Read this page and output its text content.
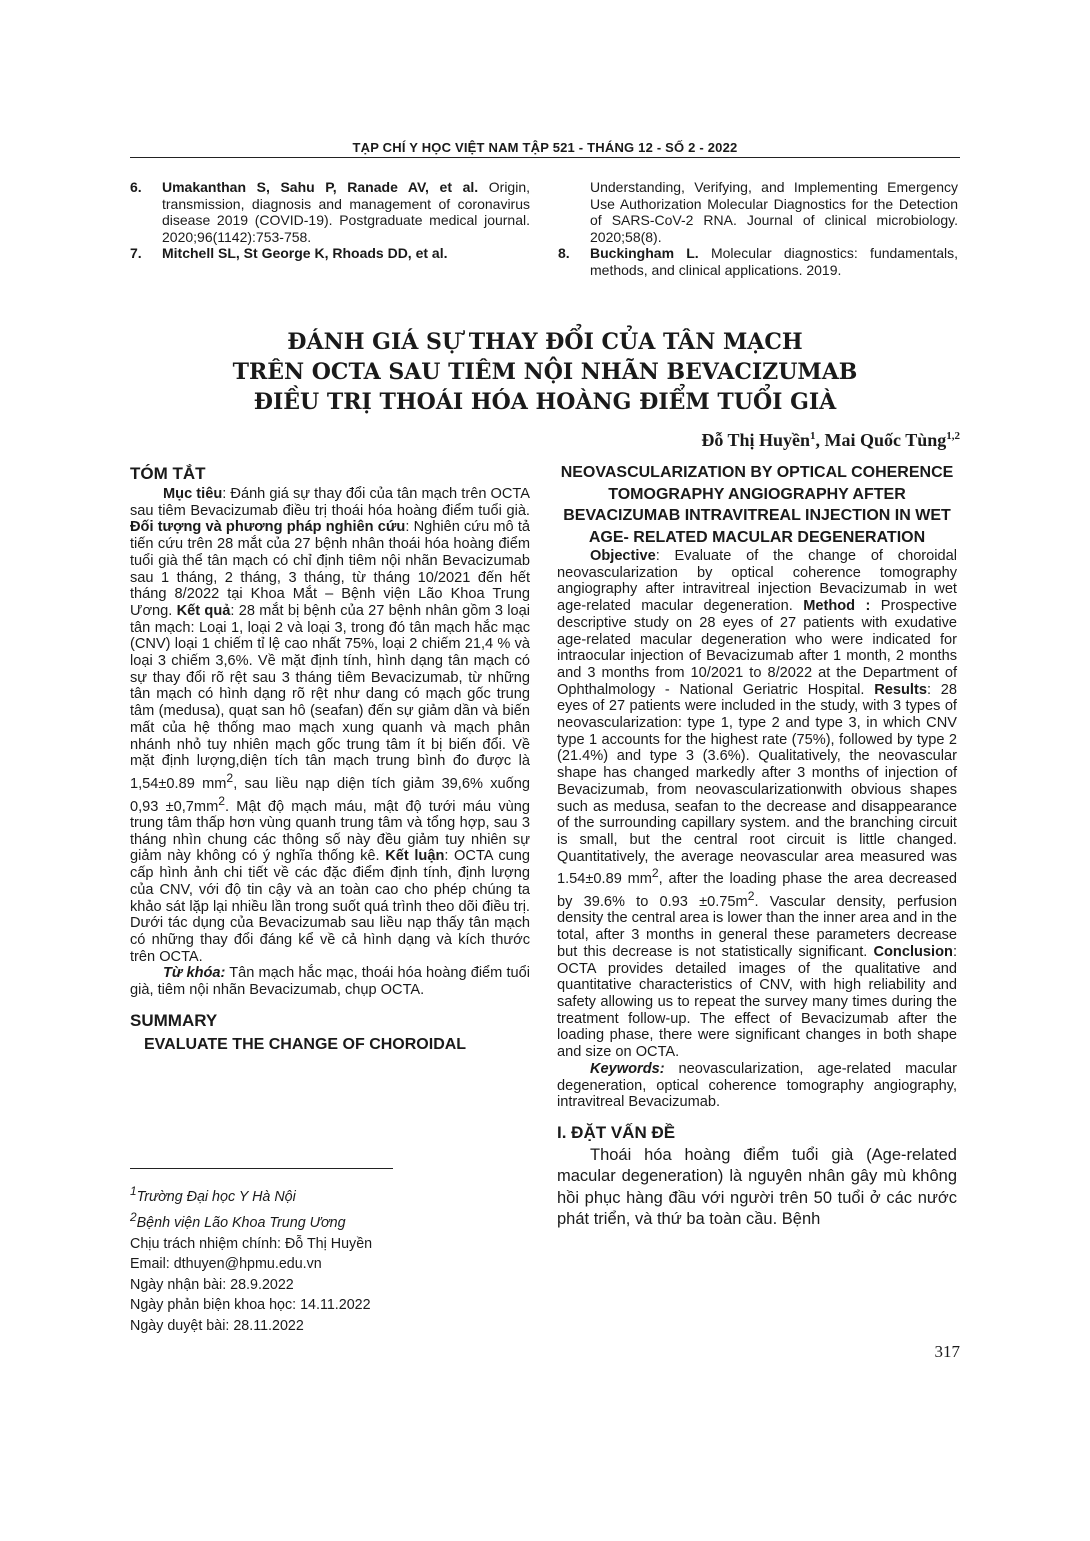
TẠP CHÍ Y HỌC VIỆT NAM TẬP 521 - THÁNG 12 - SỐ 2 - 2022
6.	Umakanthan S, Sahu P, Ranade AV, et al. Origin, transmission, diagnosis and management of coronavirus disease 2019 (COVID-19). Postgraduate medical journal. 2020;96(1142):753-758.
7.	Mitchell SL, St George K, Rhoads DD, et al.
Understanding, Verifying, and Implementing Emergency Use Authorization Molecular Diagnostics for the Detection of SARS-CoV-2 RNA. Journal of clinical microbiology. 2020;58(8).
8.	Buckingham L. Molecular diagnostics: fundamentals, methods, and clinical applications. 2019.
ĐÁNH GIÁ SỰ THAY ĐỔI CỦA TÂN MẠCH
TRÊN OCTA SAU TIÊM NỘI NHÃN BEVACIZUMAB
ĐIỀU TRỊ THOÁI HÓA HOÀNG ĐIỂM TUỔI GIÀ
Đỗ Thị Huyền$^1$, Mai Quốc Tùng$^{1,2}$
TÓM TẮT

Mục tiêu: Đánh giá sự thay đổi của tân mạch trên OCTA sau tiêm Bevacizumab điều trị thoái hóa hoàng điểm tuổi già. Đối tượng và phương pháp nghiên cứu: Nghiên cứu mô tả tiến cứu trên 28 mắt của 27 bệnh nhân thoái hóa hoàng điểm tuổi già thể tân mạch có chỉ định tiêm nội nhãn Bevacizumab sau 1 tháng, 2 tháng, 3 tháng, từ tháng 10/2021 đến hết tháng 8/2022 tại Khoa Mắt – Bệnh viện Lão Khoa Trung Ương. Kết quả: 28 mắt bị bệnh của 27 bệnh nhân gồm 3 loại tân mạch: Loại 1, loại 2 và loại 3, trong đó tân mạch hắc mạc (CNV) loại 1 chiếm tỉ lệ cao nhất 75%, loại 2 chiếm 21,4 % và loại 3 chiếm 3,6%. Về mặt định tính, hình dạng tân mạch có sự thay đổi rõ rệt sau 3 tháng tiêm Bevacizumab, từ những tân mạch có hình dạng rõ rệt như dang có mạch gốc trung tâm (medusa), quạt san hô (seafan) đến sự giảm dần và biến mất của hệ thống mao mạch xung quanh và mạch phân nhánh nhỏ tuy nhiên mạch gốc trung tâm ít bị biến đổi. Về mặt định lượng,diện tích tân mạch trung bình đo được là 1,54±0.89 $mm^2$, sau liều nạp diện tích giảm 39,6% xuống $0,93 \pm 0,7mm^2$. Mật độ mạch máu, mật độ tưới máu vùng trung tâm thấp hơn vùng quanh trung tâm và tổng hợp, sau 3 tháng nhìn chung các thông số này đều giảm tuy nhiên sự giảm này không có ý nghĩa thống kê. Kết luận: OCTA cung cấp hình ảnh chi tiết về các đặc điểm định tính, định lượng của CNV, với độ tin cậy và an toàn cao cho phép chúng ta khảo sát lặp lại nhiều lần trong suốt quá trình theo dõi điều trị. Dưới tác dụng của Bevacizumab sau liều nạp thấy tân mạch có những thay đổi đáng kể về cả hình dạng và kích thước trên OCTA.

Từ khóa: Tân mạch hắc mạc, thoái hóa hoàng điểm tuổi già, tiêm nội nhãn Bevacizumab, chụp OCTA.

SUMMARY
EVALUATE THE CHANGE OF CHOROIDAL
$^1$Trường Đại học Y Hà Nội
$^2$Bệnh viện Lão Khoa Trung Ương
Chịu trách nhiệm chính: Đỗ Thị Huyền
Email: dthuyen@hpmu.edu.vn
Ngày nhận bài: 28.9.2022
Ngày phản biện khoa học: 14.11.2022
Ngày duyệt bài: 28.11.2022
NEOVASCULARIZATION BY OPTICAL COHERENCE TOMOGRAPHY ANGIOGRAPHY AFTER BEVACIZUMAB INTRAVITREAL INJECTION IN WET AGE- RELATED MACULAR DEGENERATION

Objective: Evaluate of the change of choroidal neovascularization by optical coherence tomography angiography after intravitreal injection Bevacizumab in wet age-related macular degeneration. Method : Prospective descriptive study on 28 eyes of 27 patients with exudative age-related macular degeneration who were indicated for intraocular injection of Bevacizumab after 1 month, 2 months and 3 months from 10/2021 to 8/2022 at the Department of Ophthalmology - National Geriatric Hospital. Results: 28 eyes of 27 patients were included in the study, with 3 types of neovascularization: type 1, type 2 and type 3, in which CNV type 1 accounts for the highest rate (75%), followed by type 2 (21.4%) and type 3 (3.6%). Qualitatively, the neovascular shape has changed markedly after 3 months of injection of Bevacizumab, from neovascularizationwith obvious shapes such as medusa, seafan to the decrease and disappearance of the surrounding capillary system. and the branching circuit is small, but the central root circuit is little changed. Quantitatively, the average neovascular area measured was 1.54±0.89 $mm^2$, after the loading phase the area decreased by 39.6% to $0.93 \pm 0.75m^2$. Vascular density, perfusion density the central area is lower than the inner area and in the total, after 3 months in general these parameters decrease but this decrease is not statistically significant. Conclusion: OCTA provides detailed images of the qualitative and quantitative characteristics of CNV, with high reliability and safety allowing us to repeat the survey many times during the treatment follow-up. The effect of Bevacizumab after the loading phase, there were significant changes in both shape and size on OCTA.

Keywords: neovascularization, age-related macular degeneration, optical coherence tomography angiography, intravitreal Bevacizumab.

I. ĐẶT VẤN ĐỀ

Thoái hóa hoàng điểm tuổi già (Age-related macular degeneration) là nguyên nhân gây mù không hồi phục hàng đầu với người trên 50 tuổi ở các nước phát triển, và thứ ba toàn cầu. Bệnh

317
